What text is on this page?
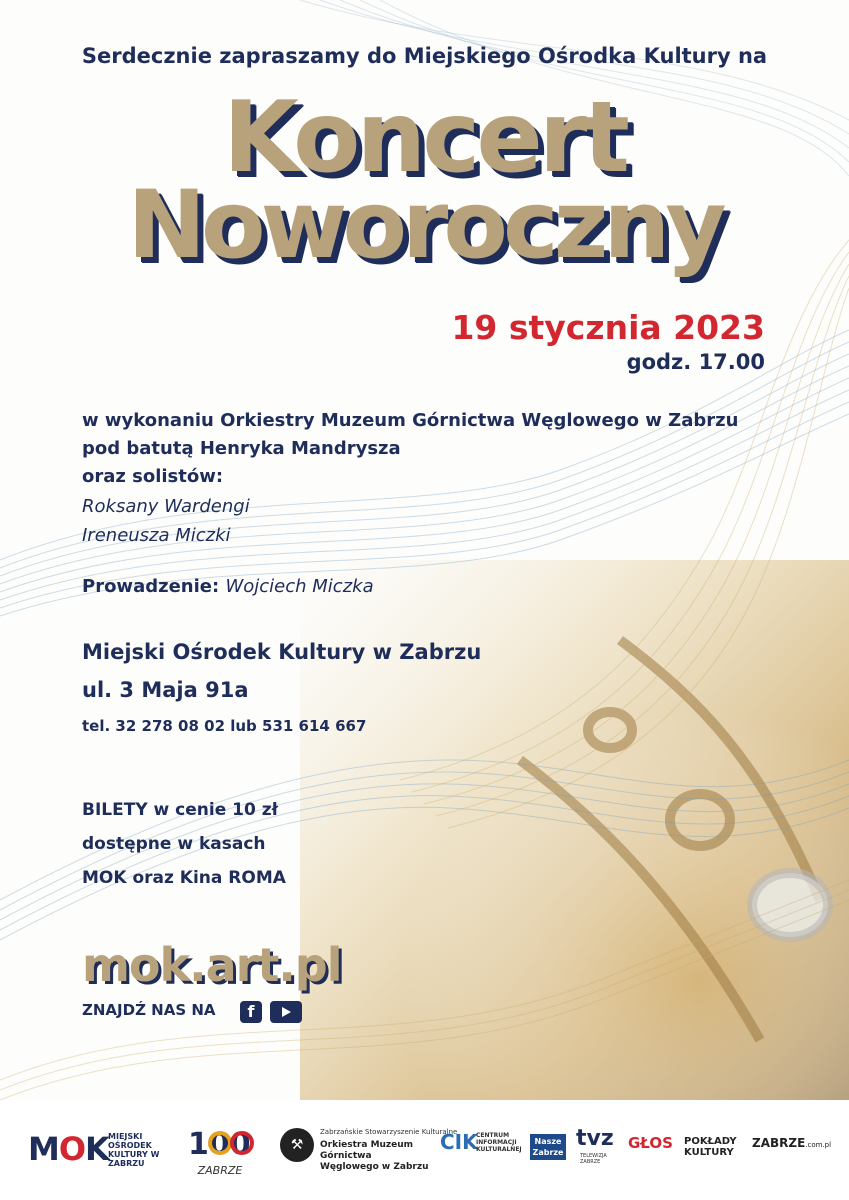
Serdecznie zapraszamy do Miejskiego Ośrodka Kultury na

Koncert
Noworoczny
19 stycznia 2023
godz. 17.00
w wykonaniu Orkiestry Muzeum Górnictwa Węglowego w Zabrzu
pod batutą Henryka Mandrysza
oraz solistów:
Roksany Wardengi
Ireneusza Miczki
Prowadzenie: Wojciech Miczka
Miejski Ośrodek Kultury w Zabrzu
ul. 3 Maja 91a
tel. 32 278 08 02 lub 531 614 667
BILETY w cenie 10 zł
dostępne w kasach
MOK oraz Kina ROMA
mok.art.pl
ZNAJDŹ NAS NA	f
MOK MIEJSKI OŚRODEK KULTURY W ZABRZU
100
ZABRZE
⚒
Zabrzańskie Stowarzyszenie Kulturalne
Orkiestra Muzeum Górnictwa Węglowego w Zabrzu
CIK
CENTRUM INFORMACJI KULTURALNEJ
Nasze Zabrze
tvz
TELEWIZJA ZABRZE
GŁOS POKŁADY KULTURY
ZABRZE.com.pl
